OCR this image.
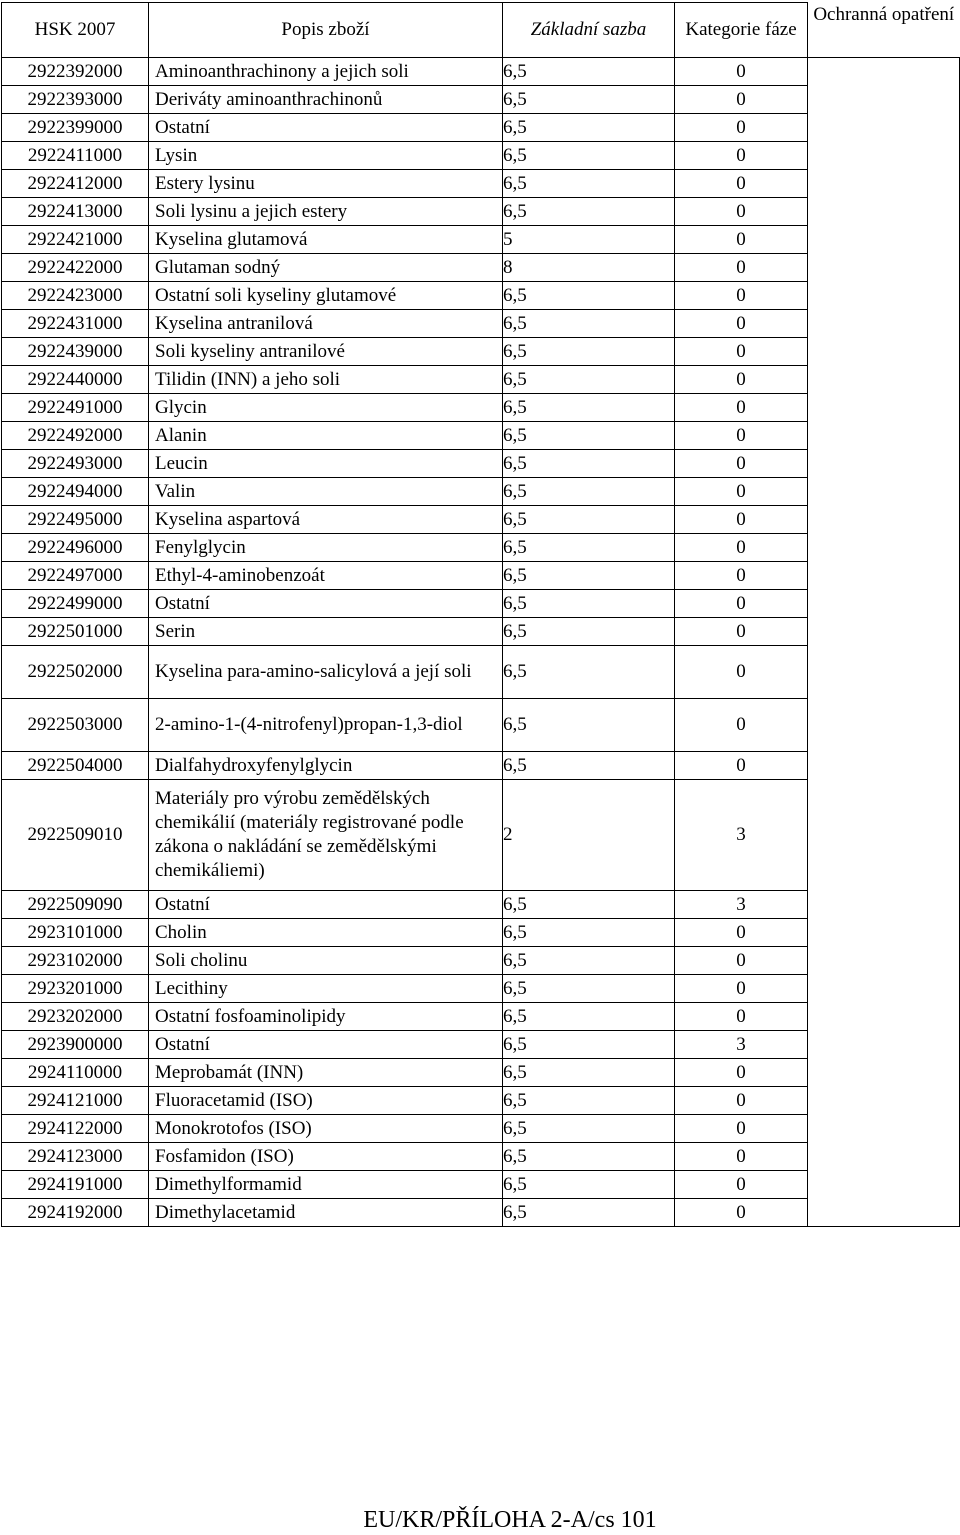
HSK 2007	Popis zboží	Základní sazba	Kategorie fáze	Ochranná opatření
2922392000	Aminoanthrachinony a jejich soli	6,5	0	
2922393000	Deriváty aminoanthrachinonů	6,5	0	
2922399000	Ostatní	6,5	0	
2922411000	Lysin	6,5	0	
2922412000	Estery lysinu	6,5	0	
2922413000	Soli lysinu a jejich estery	6,5	0	
2922421000	Kyselina glutamová	5	0	
2922422000	Glutaman sodný	8	0	
2922423000	Ostatní soli kyseliny glutamové	6,5	0	
2922431000	Kyselina antranilová	6,5	0	
2922439000	Soli kyseliny antranilové	6,5	0	
2922440000	Tilidin (INN) a jeho soli	6,5	0	
2922491000	Glycin	6,5	0	
2922492000	Alanin	6,5	0	
2922493000	Leucin	6,5	0	
2922494000	Valin	6,5	0	
2922495000	Kyselina aspartová	6,5	0	
2922496000	Fenylglycin	6,5	0	
2922497000	Ethyl-4-aminobenzoát	6,5	0	
2922499000	Ostatní	6,5	0	
2922501000	Serin	6,5	0	
2922502000	Kyselina para-amino-salicylová a její soli	6,5	0	
2922503000	2-amino-1-(4-nitrofenyl)propan-1,3-diol	6,5	0	
2922504000	Dialfahydroxyfenylglycin	6,5	0	
2922509010	Materiály pro výrobu zemědělských chemikálií (materiály registrované podle zákona o nakládání se zemědělskými chemikáliemi)	2	3	
2922509090	Ostatní	6,5	3	
2923101000	Cholin	6,5	0	
2923102000	Soli cholinu	6,5	0	
2923201000	Lecithiny	6,5	0	
2923202000	Ostatní fosfoaminolipidy	6,5	0	
2923900000	Ostatní	6,5	3	
2924110000	Meprobamát (INN)	6,5	0	
2924121000	Fluoracetamid (ISO)	6,5	0	
2924122000	Monokrotofos (ISO)	6,5	0	
2924123000	Fosfamidon (ISO)	6,5	0	
2924191000	Dimethylformamid	6,5	0	
2924192000	Dimethylacetamid	6,5	0	
EU/KR/PŘÍLOHA 2-A/cs 101
